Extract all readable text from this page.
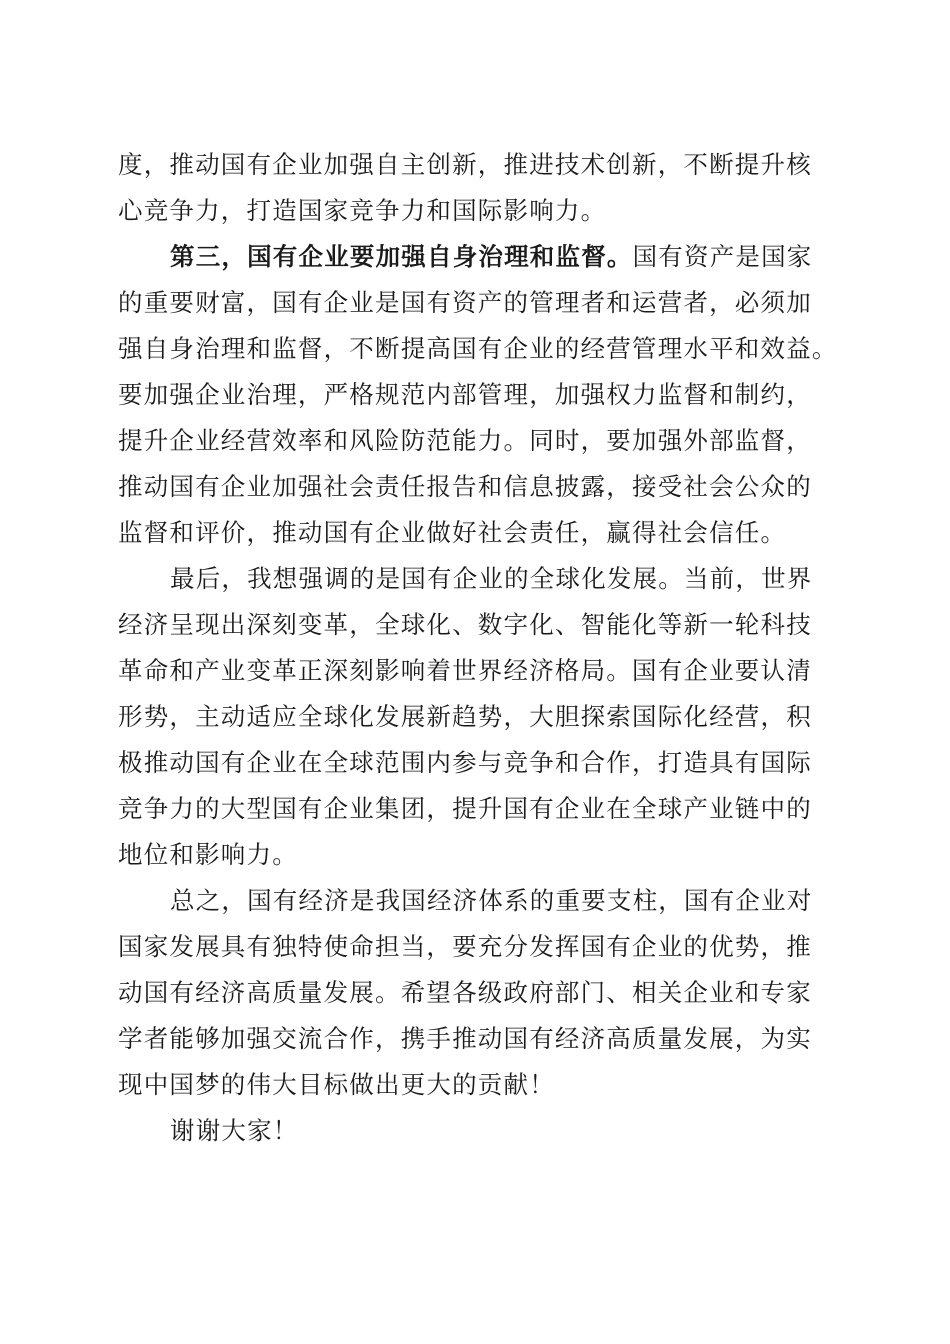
度，推动国有企业加强自主创新，推进技术创新，不断提升核
心竞争力，打造国家竞争力和国际影响力。
第三，国有企业要加强自身治理和监督。国有资产是国家
的重要财富，国有企业是国有资产的管理者和运营者，必须加
强自身治理和监督，不断提高国有企业的经营管理水平和效益。
要加强企业治理，严格规范内部管理，加强权力监督和制约，
提升企业经营效率和风险防范能力。同时，要加强外部监督，
推动国有企业加强社会责任报告和信息披露，接受社会公众的
监督和评价，推动国有企业做好社会责任，赢得社会信任。
最后，我想强调的是国有企业的全球化发展。当前，世界
经济呈现出深刻变革，全球化、数字化、智能化等新一轮科技
革命和产业变革正深刻影响着世界经济格局。国有企业要认清
形势，主动适应全球化发展新趋势，大胆探索国际化经营，积
极推动国有企业在全球范围内参与竞争和合作，打造具有国际
竞争力的大型国有企业集团，提升国有企业在全球产业链中的
地位和影响力。
总之，国有经济是我国经济体系的重要支柱，国有企业对
国家发展具有独特使命担当，要充分发挥国有企业的优势，推
动国有经济高质量发展。希望各级政府部门、相关企业和专家
学者能够加强交流合作，携手推动国有经济高质量发展，为实
现中国梦的伟大目标做出更大的贡献！
谢谢大家！
